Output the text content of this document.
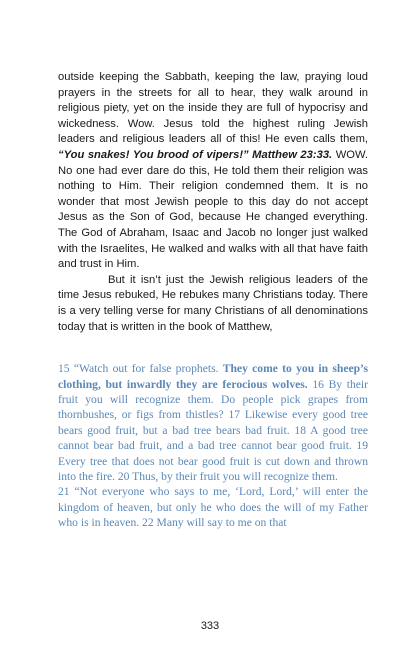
outside keeping the Sabbath, keeping the law, praying loud prayers in the streets for all to hear, they walk around in religious piety, yet on the inside they are full of hypocrisy and wickedness. Wow. Jesus told the highest ruling Jewish leaders and religious leaders all of this! He even calls them, “You snakes! You brood of vipers!” Matthew 23:33. WOW. No one had ever dare do this, He told them their religion was nothing to Him. Their religion condemned them. It is no wonder that most Jewish people to this day do not accept Jesus as the Son of God, because He changed everything. The God of Abraham, Isaac and Jacob no longer just walked with the Israelites, He walked and walks with all that have faith and trust in Him.

But it isn’t just the Jewish religious leaders of the time Jesus rebuked, He rebukes many Christians today. There is a very telling verse for many Christians of all denominations today that is written in the book of Matthew,

15 “Watch out for false prophets. They come to you in sheep’s clothing, but inwardly they are ferocious wolves. 16 By their fruit you will recognize them. Do people pick grapes from thornbushes, or figs from thistles? 17 Likewise every good tree bears good fruit, but a bad tree bears bad fruit. 18 A good tree cannot bear bad fruit, and a bad tree cannot bear good fruit. 19 Every tree that does not bear good fruit is cut down and thrown into the fire. 20 Thus, by their fruit you will recognize them.

21 “Not everyone who says to me, ‘Lord, Lord,’ will enter the kingdom of heaven, but only he who does the will of my Father who is in heaven. 22 Many will say to me on that

333
